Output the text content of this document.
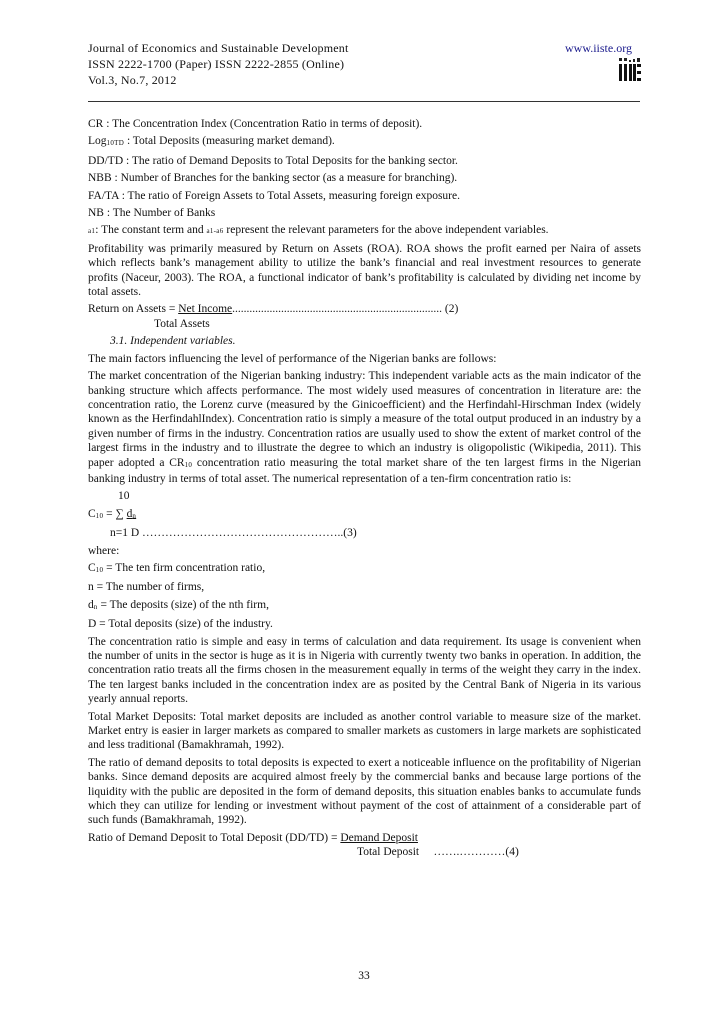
Journal of Economics and Sustainable Development
ISSN 2222-1700 (Paper) ISSN 2222-2855 (Online)
Vol.3, No.7, 2012
www.iiste.org

CR : The Concentration Index (Concentration Ratio in terms of deposit).

Log10TD : Total Deposits (measuring market demand).

DD/TD : The ratio of Demand Deposits to Total Deposits for the banking sector.

NBB : Number of Branches for the banking sector (as a measure for branching).

FA/TA : The ratio of Foreign Assets to Total Assets, measuring foreign exposure.

NB : The Number of Banks

a1: The constant term and a1-a6 represent the relevant parameters for the above independent variables.

Profitability was primarily measured by Return on Assets (ROA). ROA shows the profit earned per Naira of assets which reflects bank’s management ability to utilize the bank’s financial and real investment resources to generate profits (Naceur, 2003). The ROA, a functional indicator of bank’s profitability is calculated by dividing net income by total assets.

Return on Assets = Net Income......................................................................... (2)
Total Assets

3.1. Independent variables.

The main factors influencing the level of performance of the Nigerian banks are follows:

The market concentration of the Nigerian banking industry: This independent variable acts as the main indicator of the banking structure which affects performance. The most widely used measures of concentration in literature are: the concentration ratio, the Lorenz curve (measured by the Ginicoefficient) and the Herfindahl-Hirschman Index (widely known as the HerfindahlIndex). Concentration ratio is simply a measure of the total output produced in an industry by a given number of firms in the industry. Concentration ratios are usually used to show the extent of market control of the largest firms in the industry and to illustrate the degree to which an industry is oligopolistic (Wikipedia, 2011). This paper adopted a CR10 concentration ratio measuring the total market share of the ten largest firms in the Nigerian banking industry in terms of total asset. The numerical representation of a ten-firm concentration ratio is:

10
C10 = ∑ dn
n=1 D ……………………………………………..(3)

where:

C10 = The ten firm concentration ratio,

n = The number of firms,

dn = The deposits (size) of the nth firm,

D = Total deposits (size) of the industry.

The concentration ratio is simple and easy in terms of calculation and data requirement. Its usage is convenient when the number of units in the sector is huge as it is in Nigeria with currently twenty two banks in operation. In addition, the concentration ratio treats all the firms chosen in the measurement equally in terms of the weight they carry in the index. The ten largest banks included in the concentration index are as posited by the Central Bank of Nigeria in its various yearly annual reports.

Total Market Deposits: Total market deposits are included as another control variable to measure size of the market. Market entry is easier in larger markets as compared to smaller markets as customers in large markets are sophisticated and less traditional (Bamakhramah, 1992).

The ratio of demand deposits to total deposits is expected to exert a noticeable influence on the profitability of Nigerian banks. Since demand deposits are acquired almost freely by the commercial banks and because large portions of the liquidity with the public are deposited in the form of demand deposits, this situation enables banks to accumulate funds which they can utilize for lending or investment without payment of the cost of attainment of a considerable part of such funds (Bamakhramah, 1992).

Ratio of Demand Deposit to Total Deposit (DD/TD) = Demand Deposit
Total Deposit     …….…………(4)
33
